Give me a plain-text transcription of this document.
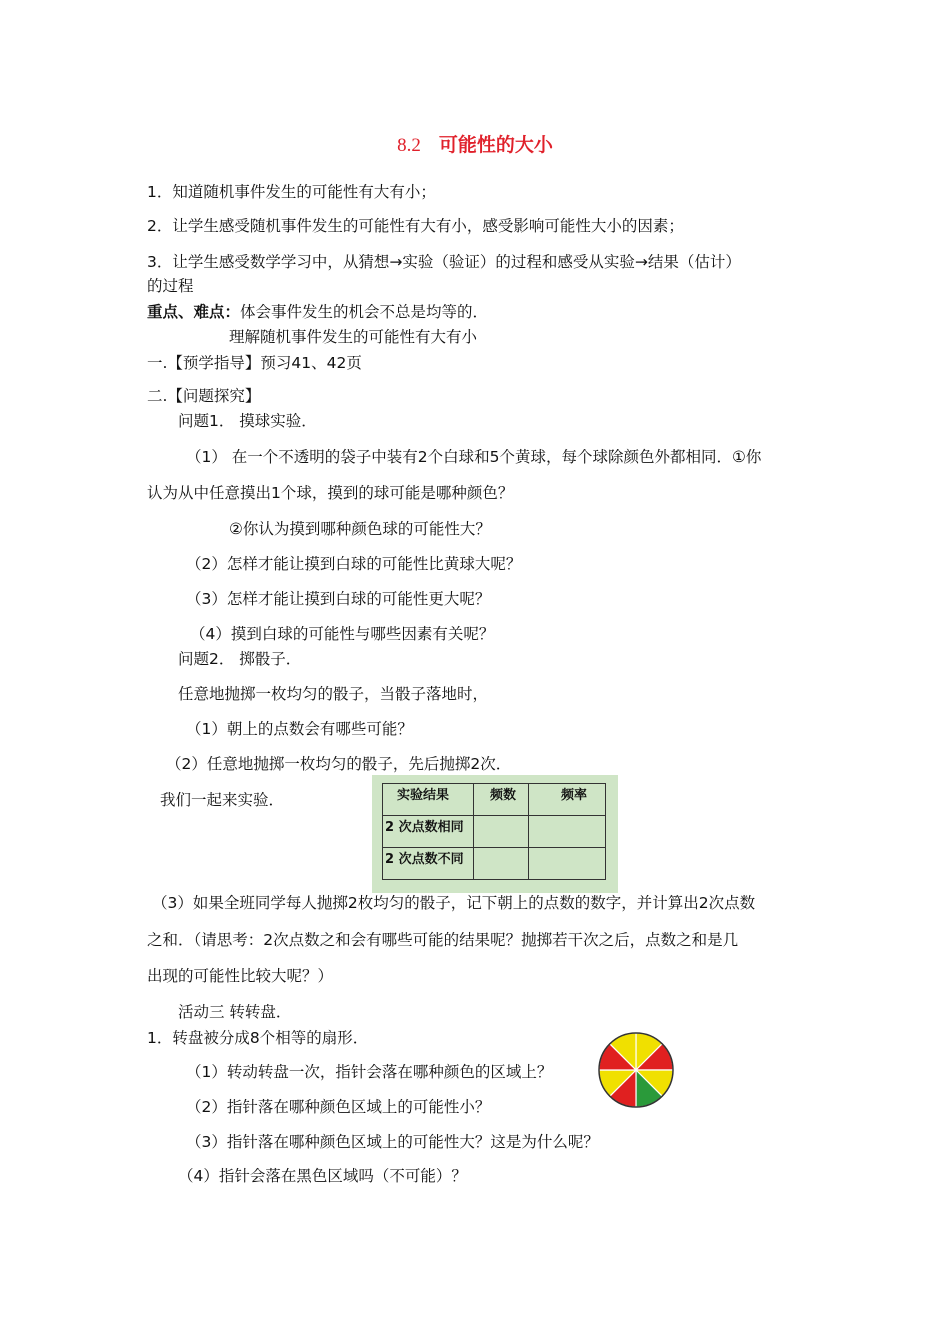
8.2 可能性的大小
1．知道随机事件发生的可能性有大有小；
2．让学生感受随机事件发生的可能性有大有小，感受影响可能性大小的因素；
3．让学生感受数学学习中，从猜想→实验（验证）的过程和感受从实验→结果（估计）
的过程
重点、难点：体会事件发生的机会不总是均等的．
理解随机事件发生的可能性有大有小
一.【预学指导】预习41、42页
二.【问题探究】
问题1． 摸球实验．
（1） 在一个不透明的袋子中装有2个白球和5个黄球，每个球除颜色外都相同．①你
认为从中任意摸出1个球，摸到的球可能是哪种颜色？
②你认为摸到哪种颜色球的可能性大？
（2）怎样才能让摸到白球的可能性比黄球大呢？
（3）怎样才能让摸到白球的可能性更大呢？
（4）摸到白球的可能性与哪些因素有关呢？
问题2． 掷骰子．
任意地抛掷一枚均匀的骰子，当骰子落地时，
（1）朝上的点数会有哪些可能？
（2）任意地抛掷一枚均匀的骰子，先后抛掷2次．
我们一起来实验．	实验结果	频数	频率
2 次点数相同		
2 次点数不同		
（3）如果全班同学每人抛掷2枚均匀的骰子，记下朝上的点数的数字，并计算出2次点数
之和．（请思考：2次点数之和会有哪些可能的结果呢？抛掷若干次之后，点数之和是几
出现的可能性比较大呢？）
活动三 转转盘．
1．转盘被分成8个相等的扇形．
（1）转动转盘一次，指针会落在哪种颜色的区域上？
（2）指针落在哪种颜色区域上的可能性小？
（3）指针落在哪种颜色区域上的可能性大？这是为什么呢？
（4）指针会落在黑色区域吗（不可能）？
